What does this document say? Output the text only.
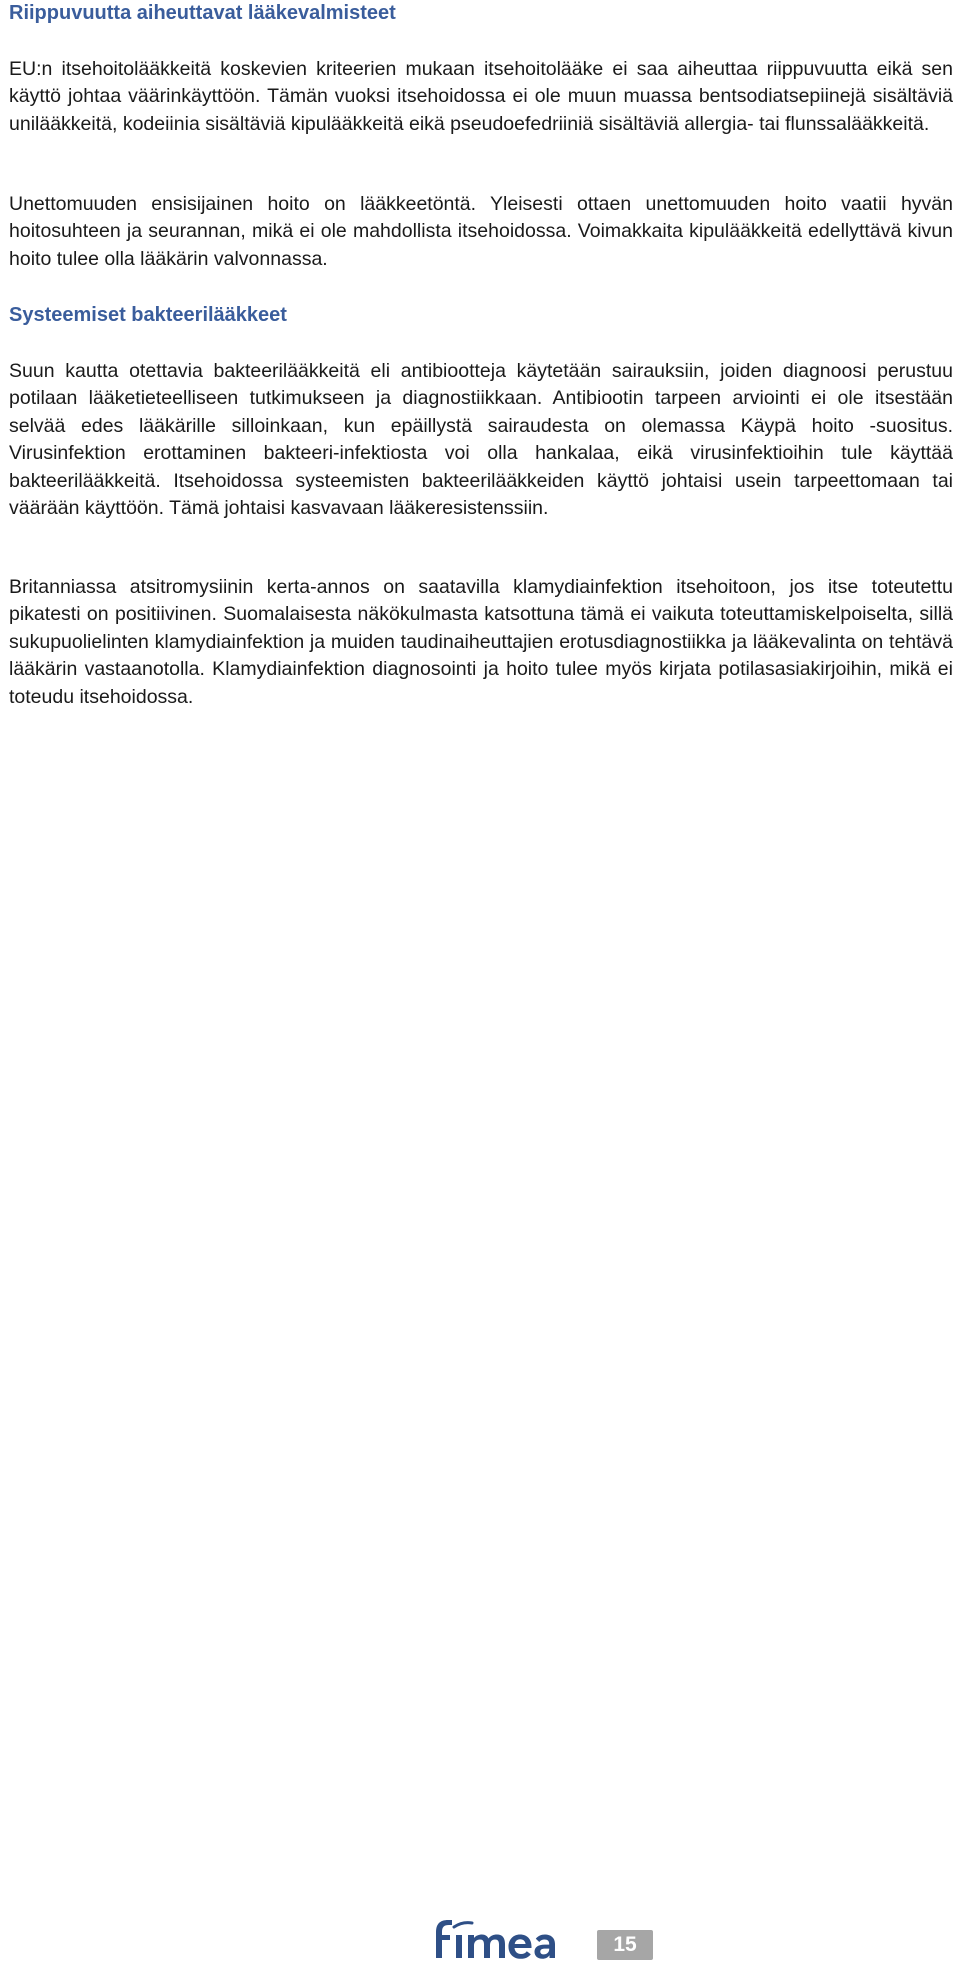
Riippuvuutta aiheuttavat lääkevalmisteet

EU:n itsehoitolääkkeitä koskevien kriteerien mukaan itsehoitolääke ei saa aiheuttaa riippuvuutta eikä sen käyttö johtaa väärinkäyttöön. Tämän vuoksi itsehoidossa ei ole muun muassa bentsodiatsepiinejä sisältäviä unilääkkeitä, kodeiinia sisältäviä kipulääkkeitä eikä pseudoefedriiniä sisältäviä allergia- tai flunssalääkkeitä.

Unettomuuden ensisijainen hoito on lääkkeetöntä. Yleisesti ottaen unettomuuden hoito vaatii hyvän hoitosuhteen ja seurannan, mikä ei ole mahdollista itsehoidossa. Voimakkaita kipulääkkeitä edellyttävä kivun hoito tulee olla lääkärin valvonnassa.

Systeemiset bakteerilääkkeet

Suun kautta otettavia bakteerilääkkeitä eli antibiootteja käytetään sairauksiin, joiden diagnoosi perustuu potilaan lääketieteelliseen tutkimukseen ja diagnostiikkaan. Antibiootin tarpeen arviointi ei ole itsestään selvää edes lääkärille silloinkaan, kun epäillystä sairaudesta on olemassa Käypä hoito -suositus. Virusinfektion erottaminen bakteeri-infektiosta voi olla hankalaa, eikä virusinfektioihin tule käyttää bakteerilääkkeitä. Itsehoidossa systeemisten bakteerilääkkeiden käyttö johtaisi usein tarpeettomaan tai väärään käyttöön. Tämä johtaisi kasvavaan lääkeresistenssiin.

Britanniassa atsitromysiinin kerta-annos on saatavilla klamydiainfektion itsehoitoon, jos itse toteutettu pikatesti on positiivinen. Suomalaisesta näkökulmasta katsottuna tämä ei vaikuta toteuttamiskelpoiselta, sillä sukupuolielinten klamydiainfektion ja muiden taudinaiheuttajien erotusdiagnostiikka ja lääkevalinta on tehtävä lääkärin vastaanotolla. Klamydiainfektion diagnosointi ja hoito tulee myös kirjata potilasasiakirjoihin, mikä ei toteudu itsehoidossa.

15
